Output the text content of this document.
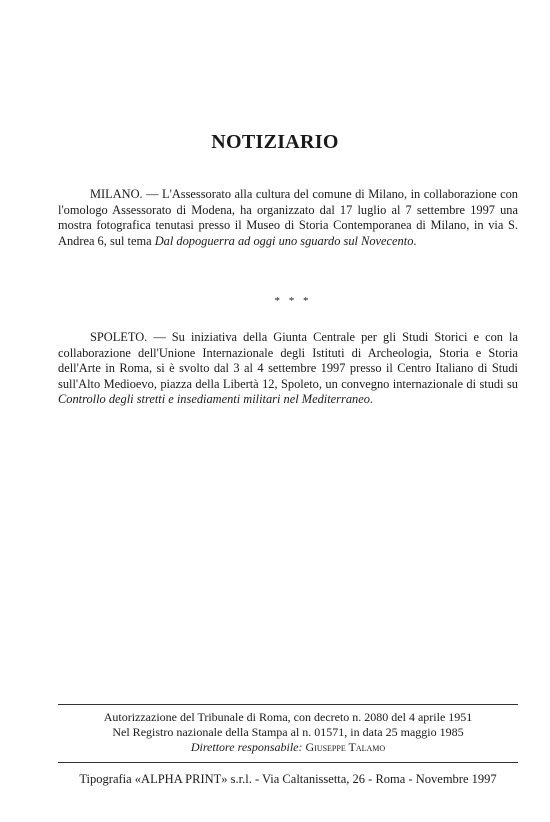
NOTIZIARIO
MILANO. — L'Assessorato alla cultura del comune di Milano, in collaborazione con l'omologo Assessorato di Modena, ha organizzato dal 17 luglio al 7 settembre 1997 una mostra fotografica tenutasi presso il Museo di Storia Contemporanea di Milano, in via S. Andrea 6, sul tema Dal dopoguerra ad oggi uno sguardo sul Novecento.
* * *
SPOLETO. — Su iniziativa della Giunta Centrale per gli Studi Storici e con la collaborazione dell'Unione Internazionale degli Istituti di Archeologia, Storia e Storia dell'Arte in Roma, si è svolto dal 3 al 4 settembre 1997 presso il Centro Italiano di Studi sull'Alto Medioevo, piazza della Libertà 12, Spoleto, un convegno internazionale di studi su Controllo degli stretti e insediamenti militari nel Mediterraneo.
Autorizzazione del Tribunale di Roma, con decreto n. 2080 del 4 aprile 1951
Nel Registro nazionale della Stampa al n. 01571, in data 25 maggio 1985
Direttore responsabile: Giuseppe Talamo
Tipografia «ALPHA PRINT» s.r.l. - Via Caltanissetta, 26 - Roma - Novembre 1997
